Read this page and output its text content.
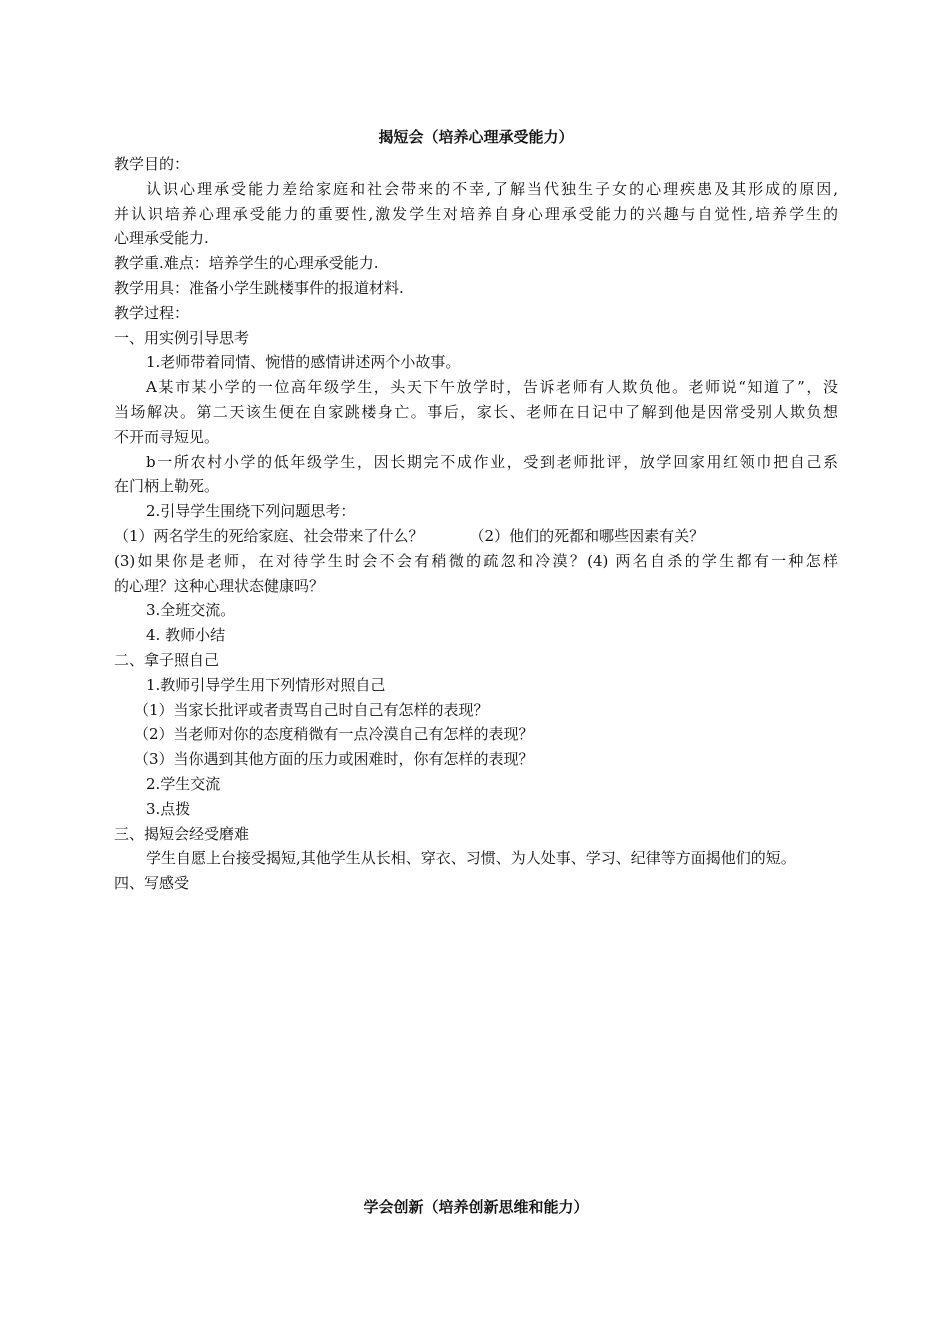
揭短会（培养心理承受能力）
教学目的：
认识心理承受能力差给家庭和社会带来的不幸,了解当代独生子女的心理疾患及其形成的原因,
并认识培养心理承受能力的重要性,激发学生对培养自身心理承受能力的兴趣与自觉性,培养学生的
心理承受能力.
教学重.难点：培养学生的心理承受能力.
教学用具：准备小学生跳楼事件的报道材料.
教学过程：
一、用实例引导思考
1.老师带着同情、惋惜的感情讲述两个小故事。
A某市某小学的一位高年级学生，头天下午放学时，告诉老师有人欺负他。老师说“知道了”，没
当场解决。第二天该生便在自家跳楼身亡。事后，家长、老师在日记中了解到他是因常受别人欺负想
不开而寻短见。
b一所农村小学的低年级学生，因长期完不成作业，受到老师批评，放学回家用红领巾把自己系
在门柄上勒死。
2.引导学生围绕下列问题思考：
（1）两名学生的死给家庭、社会带来了什么？	（2）他们的死都和哪些因素有关？
(3)如果你是老师，在对待学生时会不会有稍微的疏忽和冷漠？(4) 两名自杀的学生都有一种怎样
的心理？这种心理状态健康吗？
3.全班交流。
4. 教师小结
二、拿子照自己
1.教师引导学生用下列情形对照自己
（1）当家长批评或者责骂自己时自己有怎样的表现？
（2）当老师对你的态度稍微有一点冷漠自己有怎样的表现？
（3）当你遇到其他方面的压力或困难时，你有怎样的表现？
2.学生交流
3.点拨
三、揭短会经受磨难
学生自愿上台接受揭短,其他学生从长相、穿衣、习惯、为人处事、学习、纪律等方面揭他们的短。
四、写感受
学会创新（培养创新思维和能力）
